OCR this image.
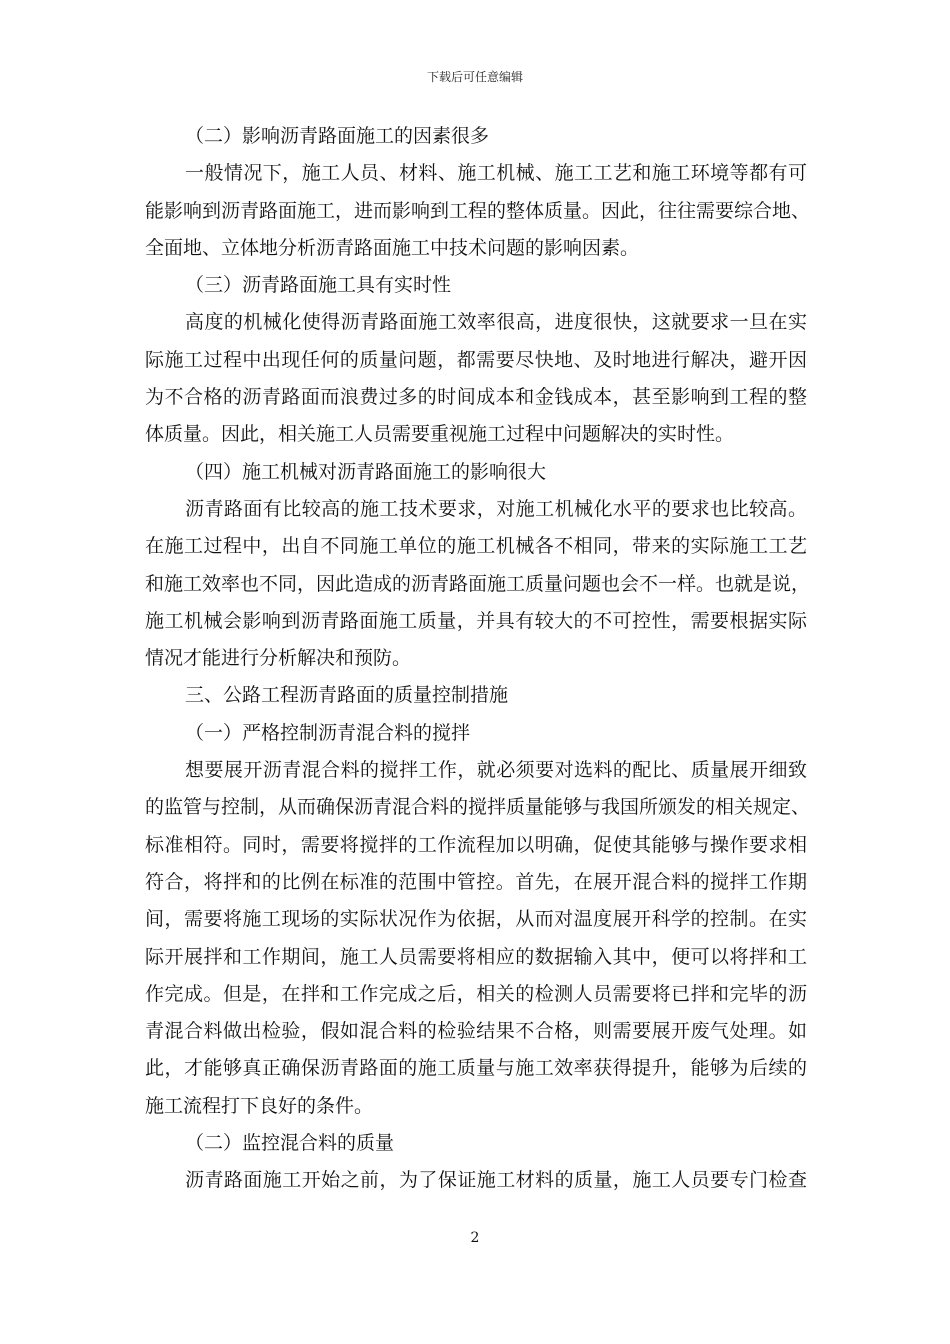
下载后可任意编辑
（二）影响沥青路面施工的因素很多
一般情况下，施工人员、材料、施工机械、施工工艺和施工环境等都有可
能影响到沥青路面施工，进而影响到工程的整体质量。因此，往往需要综合地、
全面地、立体地分析沥青路面施工中技术问题的影响因素。
（三）沥青路面施工具有实时性
高度的机械化使得沥青路面施工效率很高，进度很快，这就要求一旦在实
际施工过程中出现任何的质量问题，都需要尽快地、及时地进行解决，避开因
为不合格的沥青路面而浪费过多的时间成本和金钱成本，甚至影响到工程的整
体质量。因此，相关施工人员需要重视施工过程中问题解决的实时性。
（四）施工机械对沥青路面施工的影响很大
沥青路面有比较高的施工技术要求，对施工机械化水平的要求也比较高。
在施工过程中，出自不同施工单位的施工机械各不相同，带来的实际施工工艺
和施工效率也不同，因此造成的沥青路面施工质量问题也会不一样。也就是说，
施工机械会影响到沥青路面施工质量，并具有较大的不可控性，需要根据实际
情况才能进行分析解决和预防。
三、公路工程沥青路面的质量控制措施
（一）严格控制沥青混合料的搅拌
想要展开沥青混合料的搅拌工作，就必须要对选料的配比、质量展开细致
的监管与控制，从而确保沥青混合料的搅拌质量能够与我国所颁发的相关规定、
标准相符。同时，需要将搅拌的工作流程加以明确，促使其能够与操作要求相
符合，将拌和的比例在标准的范围中管控。首先，在展开混合料的搅拌工作期
间，需要将施工现场的实际状况作为依据，从而对温度展开科学的控制。在实
际开展拌和工作期间，施工人员需要将相应的数据输入其中，便可以将拌和工
作完成。但是，在拌和工作完成之后，相关的检测人员需要将已拌和完毕的沥
青混合料做出检验，假如混合料的检验结果不合格，则需要展开废气处理。如
此，才能够真正确保沥青路面的施工质量与施工效率获得提升，能够为后续的
施工流程打下良好的条件。
（二）监控混合料的质量
沥青路面施工开始之前，为了保证施工材料的质量，施工人员要专门检查
2
